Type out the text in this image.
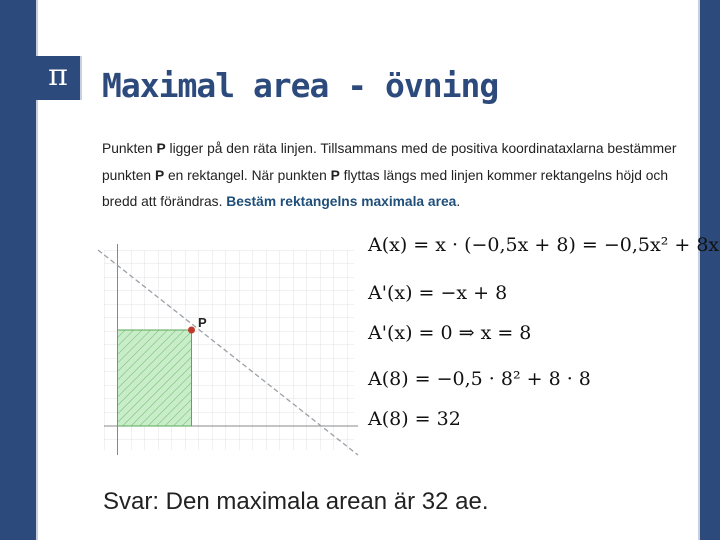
π	Maximal area - övning
Punkten P ligger på den räta linjen. Tillsammans med de positiva koordinataxlarna bestämmer punkten P en rektangel. När punkten P flyttas längs med linjen kommer rektangelns höjd och bredd att förändras. Bestäm rektangelns maximala area.
P
A(x) = x · (−0,5x + 8) = −0,5x² + 8x
A'(x) = −x + 8
A'(x) = 0 ⇒ x = 8
A(8) = −0,5 · 8² + 8 · 8
A(8) = 32
Svar: Den maximala arean är 32 ae.
